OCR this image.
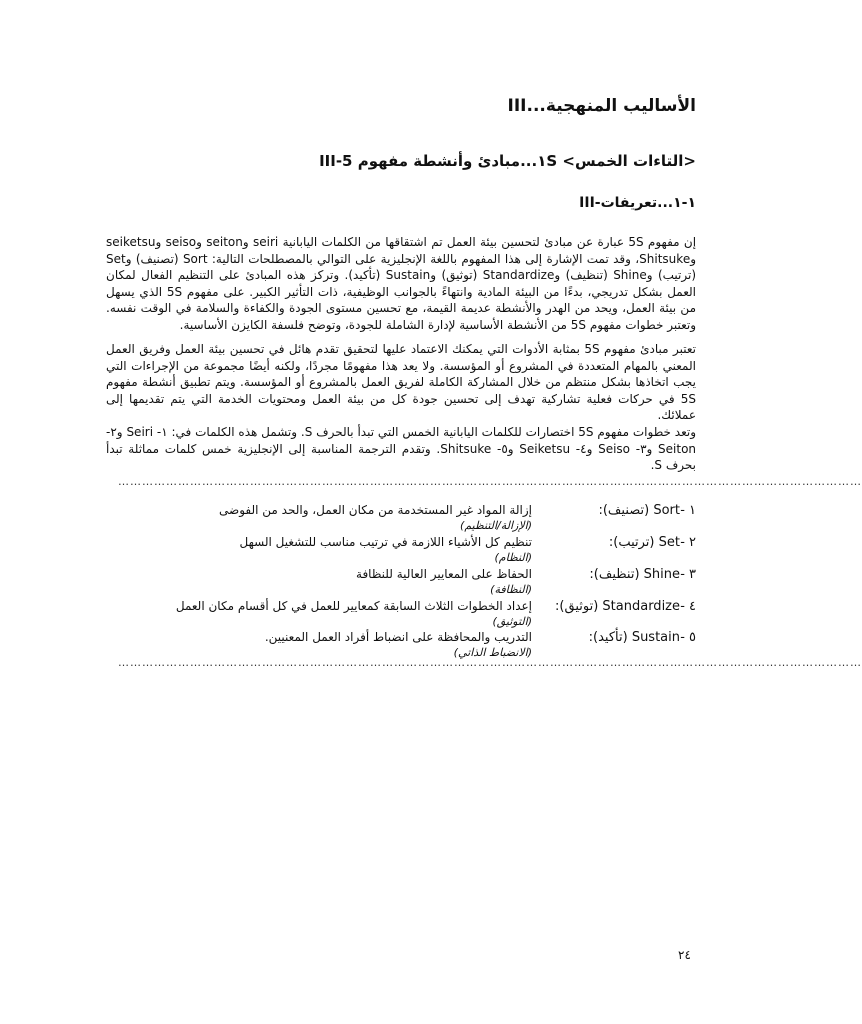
III...الأساليب المنهجية
III-١...مبادئ وأنشطة مفهوم 5S <التاءات الخمس>
III-١-١...تعريفات
إن مفهوم 5S عبارة عن مبادئ لتحسين بيئة العمل تم اشتقاقها من الكلمات اليابانية seiri وseiton وseiso وseiketsu وShitsuke، وقد تمت الإشارة إلى هذا المفهوم باللغة الإنجليزية على التوالي بالمصطلحات التالية: Sort (تصنيف) وSet (ترتيب) وShine (تنظيف) وStandardize (توثيق) وSustain (تأكيد). وتركز هذه المبادئ على التنظيم الفعال لمكان العمل بشكل تدريجي، بدءًا من البيئة المادية وانتهاءً بالجوانب الوظيفية، ذات التأثير الكبير. على مفهوم 5S الذي يسهل من بيئة العمل، ويحد من الهدر والأنشطة عديمة القيمة، مع تحسين مستوى الجودة والكفاءة والسلامة في الوقت نفسه. وتعتبر خطوات مفهوم 5S من الأنشطة الأساسية لإدارة الشاملة للجودة، وتوضح فلسفة الكايزن الأساسية.
تعتبر مبادئ مفهوم 5S بمثابة الأدوات التي يمكنك الاعتماد عليها لتحقيق تقدم هائل في تحسين بيئة العمل وفريق العمل المعني بالمهام المتعددة في المشروع أو المؤسسة. ولا يعد هذا مفهومًا مجردًا، ولكنه أيضًا مجموعة من الإجراءات التي يجب اتخاذها بشكل منتظم من خلال المشاركة الكاملة لفريق العمل بالمشروع أو المؤسسة. ويتم تطبيق أنشطة مفهوم 5S في حركات فعلية تشاركية تهدف إلى تحسين جودة كل من بيئة العمل ومحتويات الخدمة التي يتم تقديمها إلى عملائك.
وتعد خطوات مفهوم 5S اختصارات للكلمات اليابانية الخمس التي تبدأ بالحرف S. وتشمل هذه الكلمات في: ١- Seiri و٢- Seiton و٣- Seiso و٤- Seiketsu و٥- Shitsuke. وتقدم الترجمة المناسبة إلى الإنجليزية خمس كلمات مماثلة تبدأ بحرف S.
……………………………………………………………………………………………………………………………………………………………………
١ -
Sort (تصنيف):
إزالة المواد غير المستخدمة من مكان العمل، والحد من الفوضى
(الإزالة/التنظيم)
٢ -
Set (ترتيب):
تنظيم كل الأشياء اللازمة في ترتيب مناسب للتشغيل السهل
(النظام)
٣ -
Shine (تنظيف):
الحفاظ على المعايير العالية للنظافة
(النظافة)
٤ -
Standardize (توثيق):
إعداد الخطوات الثلاث السابقة كمعايير للعمل في كل أقسام مكان العمل
(التوثيق)
٥ -
Sustain (تأكيد):
التدريب والمحافظة على انضباط أفراد العمل المعنيين.
(الانضباط الذاتي)
……………………………………………………………………………………………………………………………………………………………………
٢٤
